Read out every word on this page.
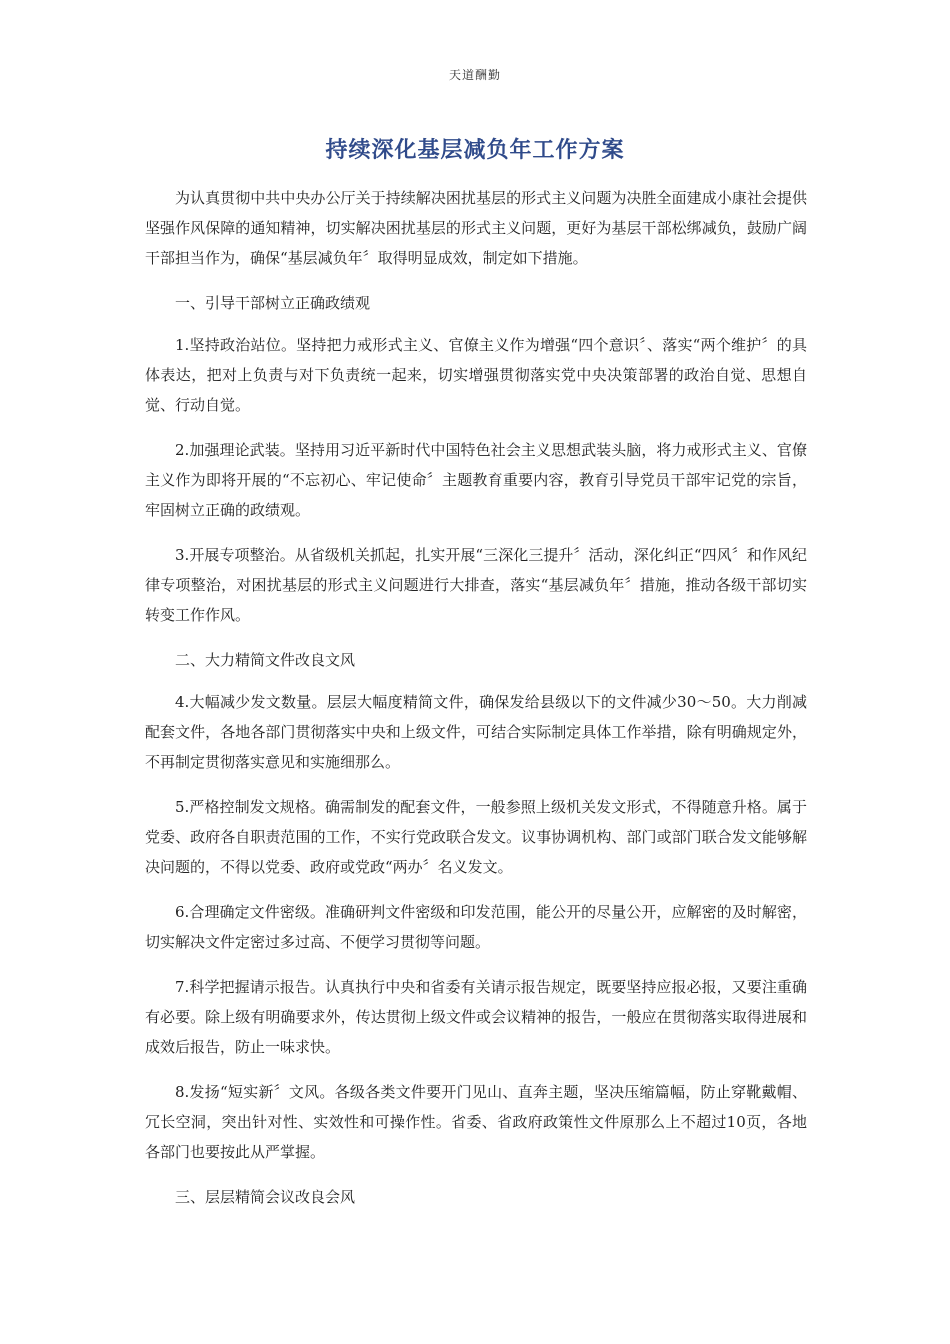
天道酬勤
持续深化基层减负年工作方案

为认真贯彻中共中央办公厅关于持续解决困扰基层的形式主义问题为决胜全面建成小康社会提供坚强作风保障的通知精神，切实解决困扰基层的形式主义问题，更好为基层干部松绑减负，鼓励广阔干部担当作为，确保“基层减负年〞取得明显成效，制定如下措施。

一、引导干部树立正确政绩观

1.坚持政治站位。坚持把力戒形式主义、官僚主义作为增强“四个意识〞、落实“两个维护〞的具体表达，把对上负责与对下负责统一起来，切实增强贯彻落实党中央决策部署的政治自觉、思想自觉、行动自觉。

2.加强理论武装。坚持用习近平新时代中国特色社会主义思想武装头脑，将力戒形式主义、官僚主义作为即将开展的“不忘初心、牢记使命〞主题教育重要内容，教育引导党员干部牢记党的宗旨，牢固树立正确的政绩观。

3.开展专项整治。从省级机关抓起，扎实开展“三深化三提升〞活动，深化纠正“四风〞和作风纪律专项整治，对困扰基层的形式主义问题进行大排查，落实“基层减负年〞措施，推动各级干部切实转变工作作风。

二、大力精简文件改良文风

4.大幅减少发文数量。层层大幅度精简文件，确保发给县级以下的文件减少30～50。大力削减配套文件，各地各部门贯彻落实中央和上级文件，可结合实际制定具体工作举措，除有明确规定外，不再制定贯彻落实意见和实施细那么。

5.严格控制发文规格。确需制发的配套文件，一般参照上级机关发文形式，不得随意升格。属于党委、政府各自职责范围的工作，不实行党政联合发文。议事协调机构、部门或部门联合发文能够解决问题的，不得以党委、政府或党政“两办〞名义发文。

6.合理确定文件密级。准确研判文件密级和印发范围，能公开的尽量公开，应解密的及时解密，切实解决文件定密过多过高、不便学习贯彻等问题。

7.科学把握请示报告。认真执行中央和省委有关请示报告规定，既要坚持应报必报，又要注重确有必要。除上级有明确要求外，传达贯彻上级文件或会议精神的报告，一般应在贯彻落实取得进展和成效后报告，防止一味求快。

8.发扬“短实新〞文风。各级各类文件要开门见山、直奔主题，坚决压缩篇幅，防止穿靴戴帽、冗长空洞，突出针对性、实效性和可操作性。省委、省政府政策性文件原那么上不超过10页，各地各部门也要按此从严掌握。

三、层层精简会议改良会风
